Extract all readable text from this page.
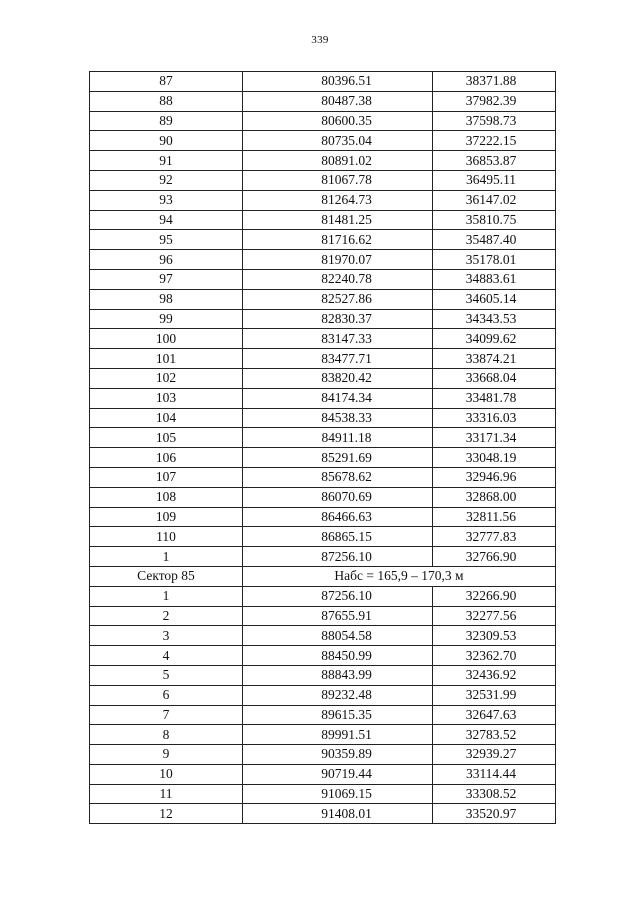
339
87	80396.51	38371.88
88	80487.38	37982.39
89	80600.35	37598.73
90	80735.04	37222.15
91	80891.02	36853.87
92	81067.78	36495.11
93	81264.73	36147.02
94	81481.25	35810.75
95	81716.62	35487.40
96	81970.07	35178.01
97	82240.78	34883.61
98	82527.86	34605.14
99	82830.37	34343.53
100	83147.33	34099.62
101	83477.71	33874.21
102	83820.42	33668.04
103	84174.34	33481.78
104	84538.33	33316.03
105	84911.18	33171.34
106	85291.69	33048.19
107	85678.62	32946.96
108	86070.69	32868.00
109	86466.63	32811.56
110	86865.15	32777.83
1	87256.10	32766.90
Сектор 85	Набс = 165,9 – 170,3 м	
1	87256.10	32266.90
2	87655.91	32277.56
3	88054.58	32309.53
4	88450.99	32362.70
5	88843.99	32436.92
6	89232.48	32531.99
7	89615.35	32647.63
8	89991.51	32783.52
9	90359.89	32939.27
10	90719.44	33114.44
11	91069.15	33308.52
12	91408.01	33520.97
